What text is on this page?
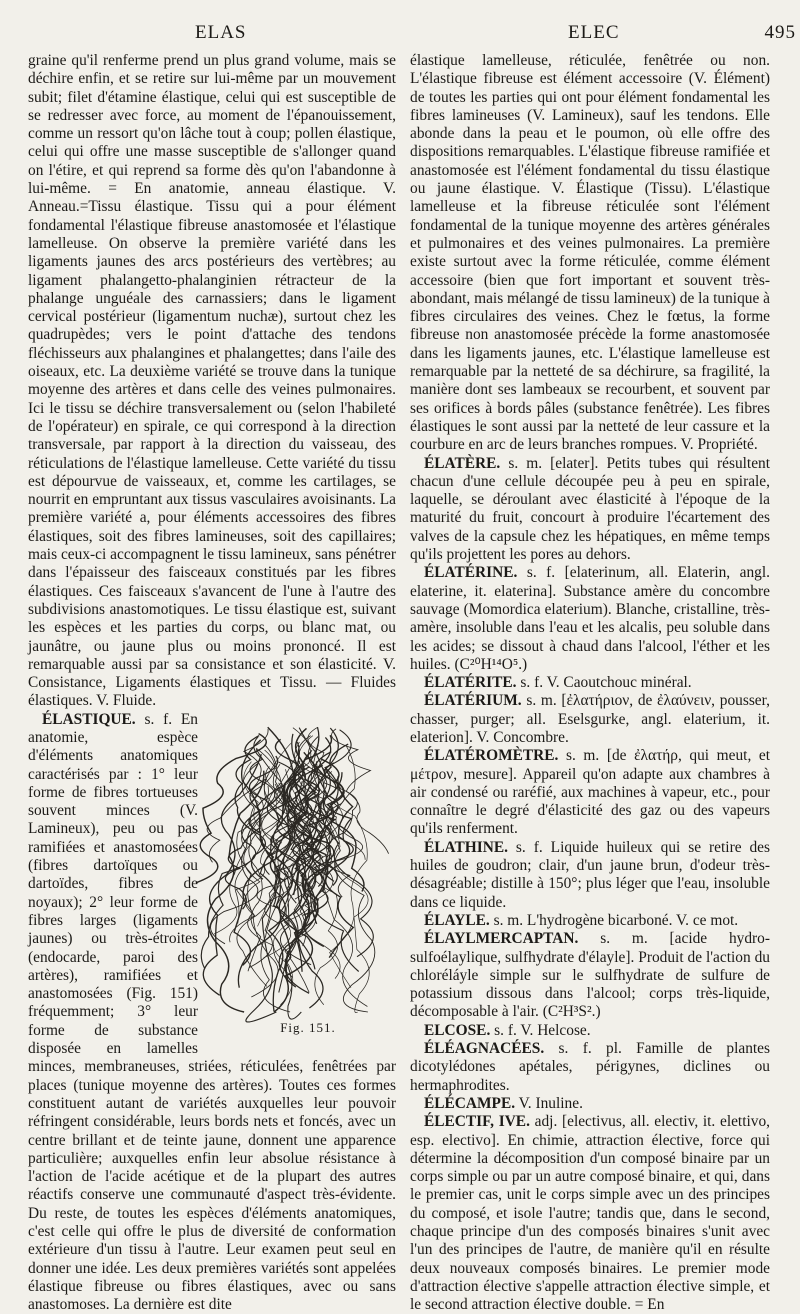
ELAS	ELEC	495

graine qu'il renferme prend un plus grand volume, mais se déchire enfin, et se retire sur lui-même par un mouvement subit; filet d'étamine élastique, celui qui est susceptible de se redresser avec force, au moment de l'épanouissement, comme un ressort qu'on lâche tout à coup; pollen élastique, celui qui offre une masse susceptible de s'allonger quand on l'étire, et qui reprend sa forme dès qu'on l'abandonne à lui-même. = En anatomie, anneau élastique. V. Anneau.=Tissu élastique. Tissu qui a pour élément fondamental l'élastique fibreuse anastomosée et l'élastique lamelleuse. On observe la première variété dans les ligaments jaunes des arcs postérieurs des vertèbres; au ligament phalangetto-phalanginien rétracteur de la phalange unguéale des carnassiers; dans le ligament cervical postérieur (ligamentum nuchæ), surtout chez les quadrupèdes; vers le point d'attache des tendons fléchisseurs aux phalangines et phalangettes; dans l'aile des oiseaux, etc. La deuxième variété se trouve dans la tunique moyenne des artères et dans celle des veines pulmonaires. Ici le tissu se déchire transversalement ou (selon l'habileté de l'opérateur) en spirale, ce qui correspond à la direction transversale, par rapport à la direction du vaisseau, des réticulations de l'élastique lamelleuse. Cette variété du tissu est dépourvue de vaisseaux, et, comme les cartilages, se nourrit en empruntant aux tissus vasculaires avoisinants. La première variété a, pour éléments accessoires des fibres élastiques, soit des fibres lamineuses, soit des capillaires; mais ceux-ci accompagnent le tissu lamineux, sans pénétrer dans l'épaisseur des faisceaux constitués par les fibres élastiques. Ces faisceaux s'avancent de l'une à l'autre des subdivisions anastomotiques. Le tissu élastique est, suivant les espèces et les parties du corps, ou blanc mat, ou jaunâtre, ou jaune plus ou moins prononcé. Il est remarquable aussi par sa consistance et son élasticité. V. Consistance, Ligaments élastiques et Tissu. — Fluides élastiques. V. Fluide.

Fig. 151.
ÉLASTIQUE. s. f. En anatomie, espèce d'éléments anatomiques caractérisés par : 1° leur forme de fibres tortueuses souvent minces (V. Lamineux), peu ou pas ramifiées et anastomosées (fibres dartoïques ou dartoïdes, fibres de noyaux); 2° leur forme de fibres larges (ligaments jaunes) ou très-étroites (endocarde, paroi des artères), ramifiées et anastomosées (Fig. 151) fréquemment; 3° leur forme de substance disposée en lamelles minces, membraneuses, striées, réticulées, fenêtrées par places (tunique moyenne des artères). Toutes ces formes constituent autant de variétés auxquelles leur pouvoir réfringent considérable, leurs bords nets et foncés, avec un centre brillant et de teinte jaune, donnent une apparence particulière; auxquelles enfin leur absolue résistance à l'action de l'acide acétique et de la plupart des autres réactifs conserve une communauté d'aspect très-évidente. Du reste, de toutes les espèces d'éléments anatomiques, c'est celle qui offre le plus de diversité de conformation extérieure d'un tissu à l'autre. Leur examen peut seul en donner une idée. Les deux premières variétés sont appelées élastique fibreuse ou fibres élastiques, avec ou sans anastomoses. La dernière est dite

élastique lamelleuse, réticulée, fenêtrée ou non. L'élastique fibreuse est élément accessoire (V. Élément) de toutes les parties qui ont pour élément fondamental les fibres lamineuses (V. Lamineux), sauf les tendons. Elle abonde dans la peau et le poumon, où elle offre des dispositions remarquables. L'élastique fibreuse ramifiée et anastomosée est l'élément fondamental du tissu élastique ou jaune élastique. V. Élastique (Tissu). L'élastique lamelleuse et la fibreuse réticulée sont l'élément fondamental de la tunique moyenne des artères générales et pulmonaires et des veines pulmonaires. La première existe surtout avec la forme réticulée, comme élément accessoire (bien que fort important et souvent très-abondant, mais mélangé de tissu lamineux) de la tunique à fibres circulaires des veines. Chez le fœtus, la forme fibreuse non anastomosée précède la forme anastomosée dans les ligaments jaunes, etc. L'élastique lamelleuse est remarquable par la netteté de sa déchirure, sa fragilité, la manière dont ses lambeaux se recourbent, et souvent par ses orifices à bords pâles (substance fenêtrée). Les fibres élastiques le sont aussi par la netteté de leur cassure et la courbure en arc de leurs branches rompues. V. Propriété.

ÉLATÈRE. s. m. [elater]. Petits tubes qui résultent chacun d'une cellule découpée peu à peu en spirale, laquelle, se déroulant avec élasticité à l'époque de la maturité du fruit, concourt à produire l'écartement des valves de la capsule chez les hépatiques, en même temps qu'ils projettent les pores au dehors.

ÉLATÉRINE. s. f. [elaterinum, all. Elaterin, angl. elaterine, it. elaterina]. Substance amère du concombre sauvage (Momordica elaterium). Blanche, cristalline, très-amère, insoluble dans l'eau et les alcalis, peu soluble dans les acides; se dissout à chaud dans l'alcool, l'éther et les huiles. (C²⁰H¹⁴O⁵.)

ÉLATÉRITE. s. f. V. Caoutchouc minéral.

ÉLATÉRIUM. s. m. [ἐλατήριον, de ἐλαύνειν, pousser, chasser, purger; all. Eselsgurke, angl. elaterium, it. elaterion]. V. Concombre.

ÉLATÉROMÈTRE. s. m. [de ἐλατήρ, qui meut, et μέτρον, mesure]. Appareil qu'on adapte aux chambres à air condensé ou raréfié, aux machines à vapeur, etc., pour connaître le degré d'élasticité des gaz ou des vapeurs qu'ils renferment.

ÉLATHINE. s. f. Liquide huileux qui se retire des huiles de goudron; clair, d'un jaune brun, d'odeur très-désagréable; distille à 150°; plus léger que l'eau, insoluble dans ce liquide.

ÉLAYLE. s. m. L'hydrogène bicarboné. V. ce mot.

ÉLAYLMERCAPTAN. s. m. [acide hydro-sulfoélaylique, sulfhydrate d'élayle]. Produit de l'action du chloréláyle simple sur le sulfhydrate de sulfure de potassium dissous dans l'alcool; corps très-liquide, décomposable à l'air. (C²H³S².)

ELCOSE. s. f. V. Helcose.

ÉLÉAGNACÉES. s. f. pl. Famille de plantes dicotylédones apétales, périgynes, diclines ou hermaphrodites.

ÉLÉCAMPE. V. Inuline.

ÉLECTIF, IVE. adj. [electivus, all. electiv, it. elettivo, esp. electivo]. En chimie, attraction élective, force qui détermine la décomposition d'un composé binaire par un corps simple ou par un autre composé binaire, et qui, dans le premier cas, unit le corps simple avec un des principes du composé, et isole l'autre; tandis que, dans le second, chaque principe d'un des composés binaires s'unit avec l'un des principes de l'autre, de manière qu'il en résulte deux nouveaux composés binaires. Le premier mode d'attraction élective s'appelle attraction élective simple, et le second attraction élective double. = En
